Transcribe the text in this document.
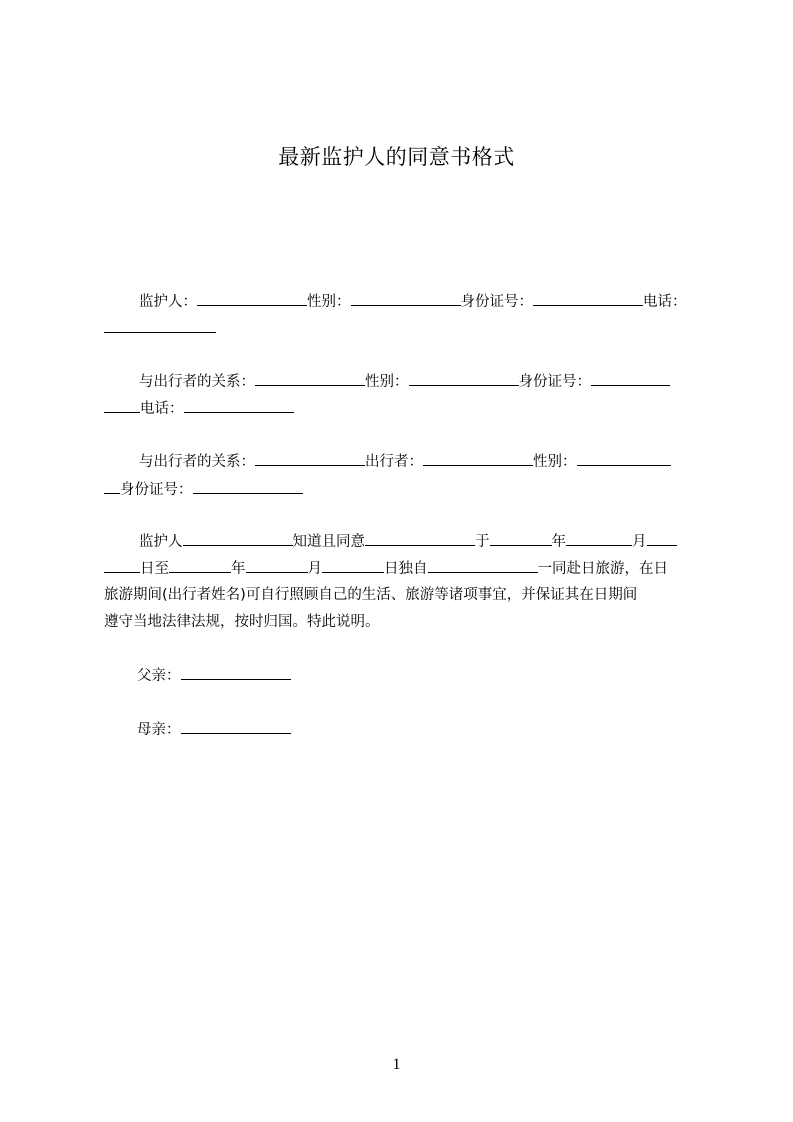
最新监护人的同意书格式
监护人：	性别：	身份证号：	电话：
与出行者的关系：	性别：	身份证号：
电话：
与出行者的关系：	出行者：	性别：
身份证号：
监护人	知道且同意	于	年	月
日至	年	月	日独自	一同赴日旅游，在日
旅游期间(出行者姓名)可自行照顾自己的生活、旅游等诸项事宜，并保证其在日期间
遵守当地法律法规，按时归国。特此说明。
父亲：
母亲：
1
